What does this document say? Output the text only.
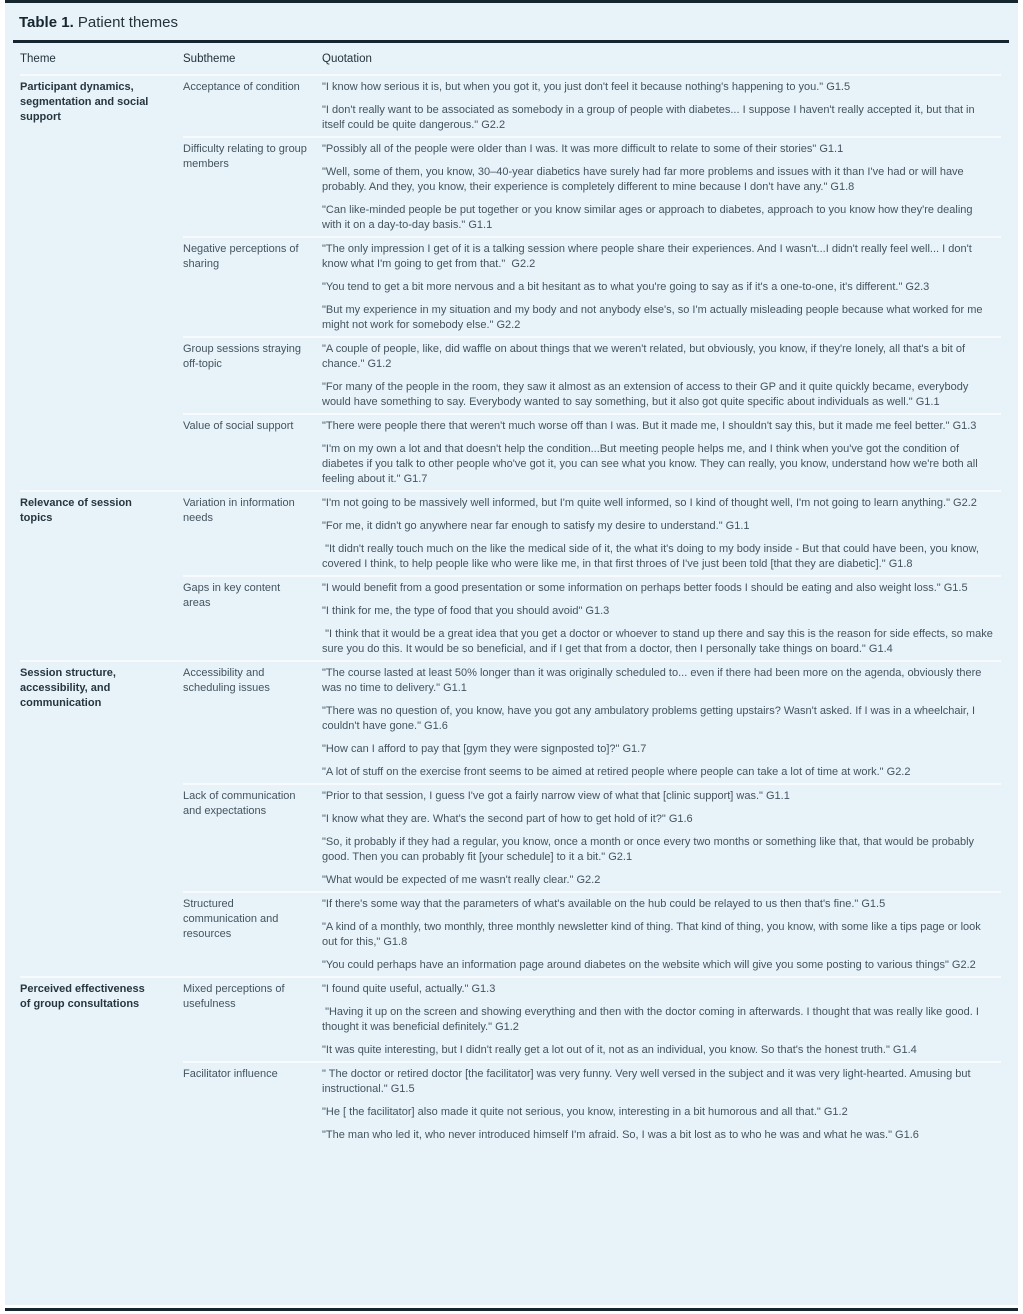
Table 1. Patient themes
Theme	Subtheme	Quotation
Participant dynamics, segmentation and social support	Acceptance of condition	"I know how serious it is, but when you got it, you just don't feel it because nothing's happening to you." G1.5

"I don't really want to be associated as somebody in a group of people with diabetes... I suppose I haven't really accepted it, but that in itself could be quite dangerous." G2.2

	Difficulty relating to group members	"Possibly all of the people were older than I was. It was more difficult to relate to some of their stories" G1.1

"Well, some of them, you know, 30–40-year diabetics have surely had far more problems and issues with it than I've had or will have probably. And they, you know, their experience is completely different to mine because I don't have any." G1.8

"Can like-minded people be put together or you know similar ages or approach to diabetes, approach to you know how they're dealing with it on a day-to-day basis." G1.1

	Negative perceptions of sharing	"The only impression I get of it is a talking session where people share their experiences. And I wasn't...I didn't really feel well... I don't know what I'm going to get from that."  G2.2

"You tend to get a bit more nervous and a bit hesitant as to what you're going to say as if it's a one-to-one, it's different." G2.3

"But my experience in my situation and my body and not anybody else's, so I'm actually misleading people because what worked for me might not work for somebody else." G2.2

	Group sessions straying off-topic	"A couple of people, like, did waffle on about things that we weren't related, but obviously, you know, if they're lonely, all that's a bit of chance." G1.2

"For many of the people in the room, they saw it almost as an extension of access to their GP and it quite quickly became, everybody would have something to say. Everybody wanted to say something, but it also got quite specific about individuals as well." G1.1

	Value of social support	"There were people there that weren't much worse off than I was. But it made me, I shouldn't say this, but it made me feel better." G1.3

"I'm on my own a lot and that doesn't help the condition...But meeting people helps me, and I think when you've got the condition of diabetes if you talk to other people who've got it, you can see what you know. They can really, you know, understand how we're both all feeling about it." G1.7

Relevance of session topics	Variation in information needs	"I'm not going to be massively well informed, but I'm quite well informed, so I kind of thought well, I'm not going to learn anything." G2.2

"For me, it didn't go anywhere near far enough to satisfy my desire to understand." G1.1

"It didn't really touch much on the like the medical side of it, the what it's doing to my body inside - But that could have been, you know, covered I think, to help people like who were like me, in that first throes of I've just been told [that they are diabetic]." G1.8

	Gaps in key content areas	"I would benefit from a good presentation or some information on perhaps better foods I should be eating and also weight loss." G1.5

"I think for me, the type of food that you should avoid" G1.3

"I think that it would be a great idea that you get a doctor or whoever to stand up there and say this is the reason for side effects, so make sure you do this. It would be so beneficial, and if I get that from a doctor, then I personally take things on board." G1.4

Session structure, accessibility, and communication	Accessibility and scheduling issues	"The course lasted at least 50% longer than it was originally scheduled to... even if there had been more on the agenda, obviously there was no time to delivery." G1.1

"There was no question of, you know, have you got any ambulatory problems getting upstairs? Wasn't asked. If I was in a wheelchair, I couldn't have gone." G1.6

"How can I afford to pay that [gym they were signposted to]?" G1.7

"A lot of stuff on the exercise front seems to be aimed at retired people where people can take a lot of time at work." G2.2

	Lack of communication and expectations	"Prior to that session, I guess I've got a fairly narrow view of what that [clinic support] was." G1.1

"I know what they are. What's the second part of how to get hold of it?" G1.6

"So, it probably if they had a regular, you know, once a month or once every two months or something like that, that would be probably good. Then you can probably fit [your schedule] to it a bit." G2.1

"What would be expected of me wasn't really clear." G2.2

	Structured communication and resources	"If there's some way that the parameters of what's available on the hub could be relayed to us then that's fine." G1.5

"A kind of a monthly, two monthly, three monthly newsletter kind of thing. That kind of thing, you know, with some like a tips page or look out for this," G1.8

"You could perhaps have an information page around diabetes on the website which will give you some posting to various things" G2.2

Perceived effectiveness of group consultations	Mixed perceptions of usefulness	"I found quite useful, actually." G1.3

"Having it up on the screen and showing everything and then with the doctor coming in afterwards. I thought that was really like good. I thought it was beneficial definitely." G1.2

"It was quite interesting, but I didn't really get a lot out of it, not as an individual, you know. So that's the honest truth." G1.4

	Facilitator influence	" The doctor or retired doctor [the facilitator] was very funny. Very well versed in the subject and it was very light-hearted. Amusing but instructional." G1.5

"He [ the facilitator] also made it quite not serious, you know, interesting in a bit humorous and all that." G1.2

"The man who led it, who never introduced himself I'm afraid. So, I was a bit lost as to who he was and what he was." G1.6
